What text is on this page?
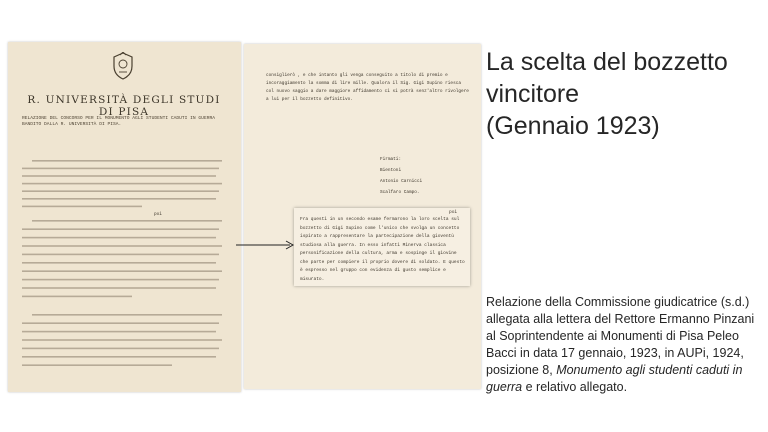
R. UNIVERSITÀ DEGLI STUDI DI PISA
RELAZIONE DEL CONCORSO PER IL MONUMENTO AGLI STUDENTI CADUTI IN GUERRA BANDITO DALLA R. UNIVERSITÀ DI PISA.
poi
consiglierò , e che intanto gli venga conseguito a titolo di premio e incoraggiamento la somma di lire mille. Qualora il Sig. Gigi Supino riesca col nuovo saggio a dare maggiore affidamento ci si potrà senz'altro rivolgere a lui per il bozzetto definitivo.
Firmati:
Bientoni
Antonio Carnicci
Scalfaro Campo.
poi
Fra questi in un secondo esame fermarono la loro scelta sul bozzetto di Gigi Supino come l'unico che svolga un concetto ispirato a rappresentare la partecipazione della gioventù studiosa alla guerra. In esso infatti Minerva classica personificazione della cultura, arma e sospinge il giovine che parte per compiere il proprio dovere di soldato. E questo è espresso nel gruppo con evidenza di gusto semplice e misurato.
La scelta del bozzetto
vincitore
(Gennaio 1923)
Relazione della Commissione giudicatrice (s.d.) allegata alla lettera del Rettore Ermanno Pinzani al Soprintendente ai Monumenti di Pisa Peleo Bacci in data 17 gennaio, 1923, in AUPi, 1924, posizione 8, Monumento agli studenti caduti in guerra e relativo allegato.
